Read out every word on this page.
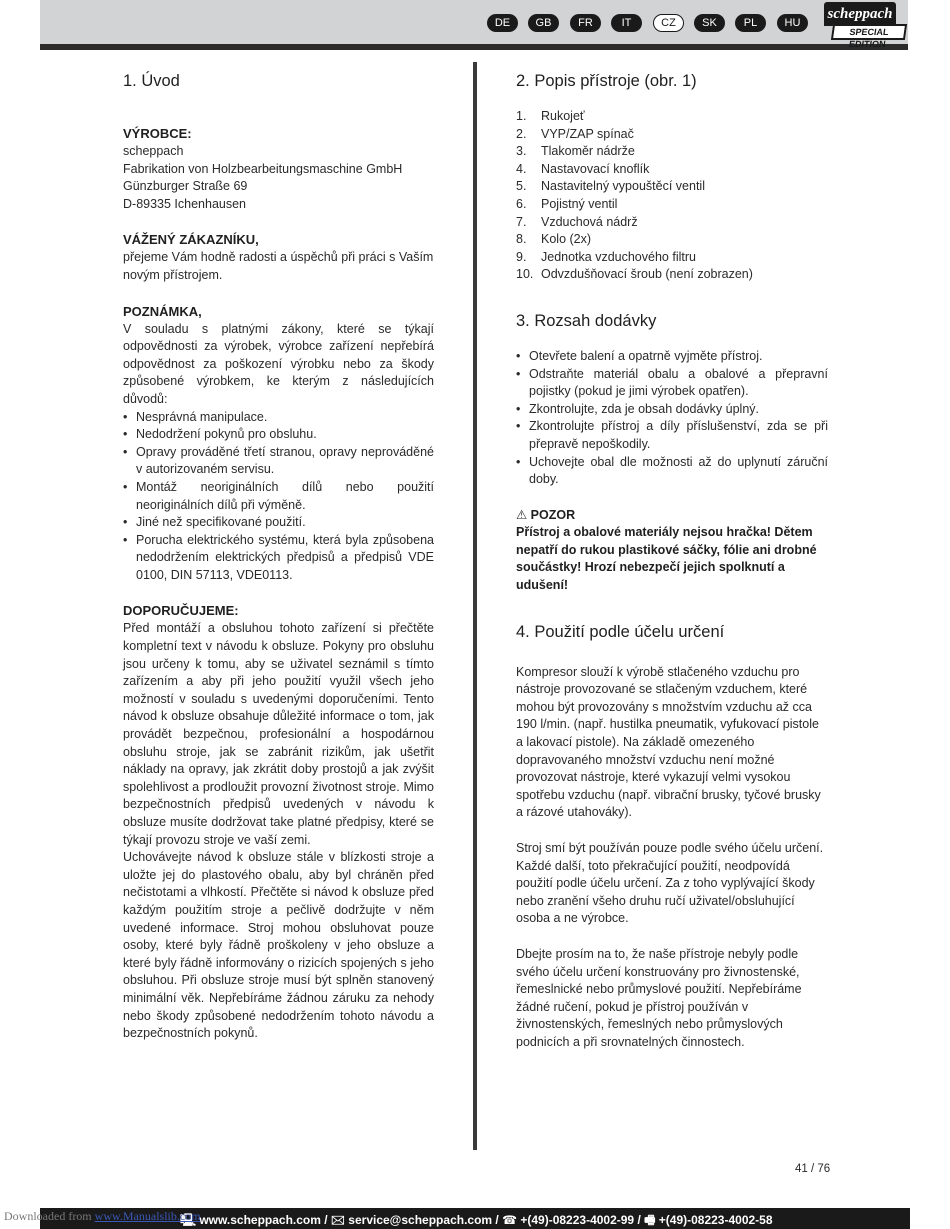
DE	GB	FR	IT	CZ	SK	PL	HU
scheppach
SPECIAL EDITION
1. Úvod
VÝROBCE:

scheppach

Fabrikation von Holzbearbeitungsmaschine GmbH

Günzburger Straße 69

D-89335 Ichenhausen

VÁŽENÝ ZÁKAZNÍKU,

přejeme Vám hodně radosti a úspěchů při práci s Vaším novým přístrojem.

POZNÁMKA,

V souladu s platnými zákony, které se týkají odpovědnosti za výrobek, výrobce zařízení nepřebírá odpovědnost za poškození výrobku nebo za škody způsobené výrobkem, ke kterým z následujících důvodů:

• Nesprávná manipulace.
• Nedodržení pokynů pro obsluhu.
• Opravy prováděné třetí stranou, opravy neprováděné v autorizovaném servisu.
• Montáž neoriginálních dílů nebo použití neoriginálních dílů při výměně.
• Jiné než specifikované použití.
• Porucha elektrického systému, která byla způsobena nedodržením elektrických předpisů a předpisů VDE 0100, DIN 57113, VDE0113.
DOPORUČUJEME:

Před montáží a obsluhou tohoto zařízení si přečtěte kompletní text v návodu k obsluze. Pokyny pro obsluhu jsou určeny k tomu, aby se uživatel seznámil s tímto zařízením a aby při jeho použití využil všech jeho možností v souladu s uvedenými doporučeními. Tento návod k obsluze obsahuje důležité informace o tom, jak provádět bezpečnou, profesionální a hospodárnou obsluhu stroje, jak se zabránit rizikům, jak ušetřit náklady na opravy, jak zkrátit doby prostojů a jak zvýšit spolehlivost a prodloužit provozní životnost stroje. Mimo bezpečnostních předpisů uvedených v návodu k obsluze musíte dodržovat take platné předpisy, které se týkají provozu stroje ve vaší zemi.

Uchovávejte návod k obsluze stále v blízkosti stroje a uložte jej do plastového obalu, aby byl chráněn před nečistotami a vlhkostí. Přečtěte si návod k obsluze před každým použitím stroje a pečlivě dodržujte v něm uvedené informace. Stroj mohou obsluhovat pouze osoby, které byly řádně proškoleny v jeho obsluze a které byly řádně informovány o rizicích spojených s jeho obsluhou. Při obsluze stroje musí být splněn stanovený minimální věk. Nepřebíráme žádnou záruku za nehody nebo škody způsobené nedodržením tohoto návodu a bezpečnostních pokynů.

2. Popis přístroje (obr. 1)
1.	Rukojeť
2.	VYP/ZAP spínač
3.	Tlakoměr nádrže
4.	Nastavovací knoflík
5.	Nastavitelný vypouštěcí ventil
6.	Pojistný ventil
7.	Vzduchová nádrž
8.	Kolo (2x)
9.	Jednotka vzduchového filtru
10. Odvzdušňovací šroub (není zobrazen)
3. Rozsah dodávky
• Otevřete balení a opatrně vyjměte přístroj.
• Odstraňte materiál obalu a obalové a přepravní pojistky (pokud je jimi výrobek opatřen).
• Zkontrolujte, zda je obsah dodávky úplný.
• Zkontrolujte přístroj a díly příslušenství, zda se při přepravě nepoškodily.
• Uchovejte obal dle možnosti až do uplynutí záruční doby.
⚠ POZOR

Přístroj a obalové materiály nejsou hračka! Dětem nepatří do rukou plastikové sáčky, fólie ani drobné součástky! Hrozí nebezpečí jejich spolknutí a udušení!

4. Použití podle účelu určení

Kompresor slouží k výrobě stlačeného vzduchu pro nástroje provozované se stlačeným vzduchem, které mohou být provozovány s množstvím vzduchu až cca 190 l/min. (např. hustilka pneumatik, vyfukovací pistole a lakovací pistole). Na základě omezeného dopravovaného množství vzduchu není možné provozovat nástroje, které vykazují velmi vysokou spotřebu vzduchu (např. vibrační brusky, tyčové brusky a rázové utahováky).

Stroj smí být používán pouze podle svého účelu určení. Každé další, toto překračující použití, neodpovídá použití podle účelu určení. Za z toho vyplývající škody nebo zranění všeho druhu ručí uživatel/obsluhující osoba a ne výrobce.

Dbejte prosím na to, že naše přístroje nebyly podle svého účelu určení konstruovány pro živnostenské, řemeslnické nebo průmyslové použití. Nepřebíráme žádné ručení, pokud je přístroj používán v živnostenských, řemeslných nebo průmyslových podnicích a při srovnatelných činnostech.

41 / 76
🖳 www.scheppach.com / 🖂 service@scheppach.com / ☎ +(49)-08223-4002-99 / 🖷 +(49)-08223-4002-58
Downloaded from www.Manualslib.com
